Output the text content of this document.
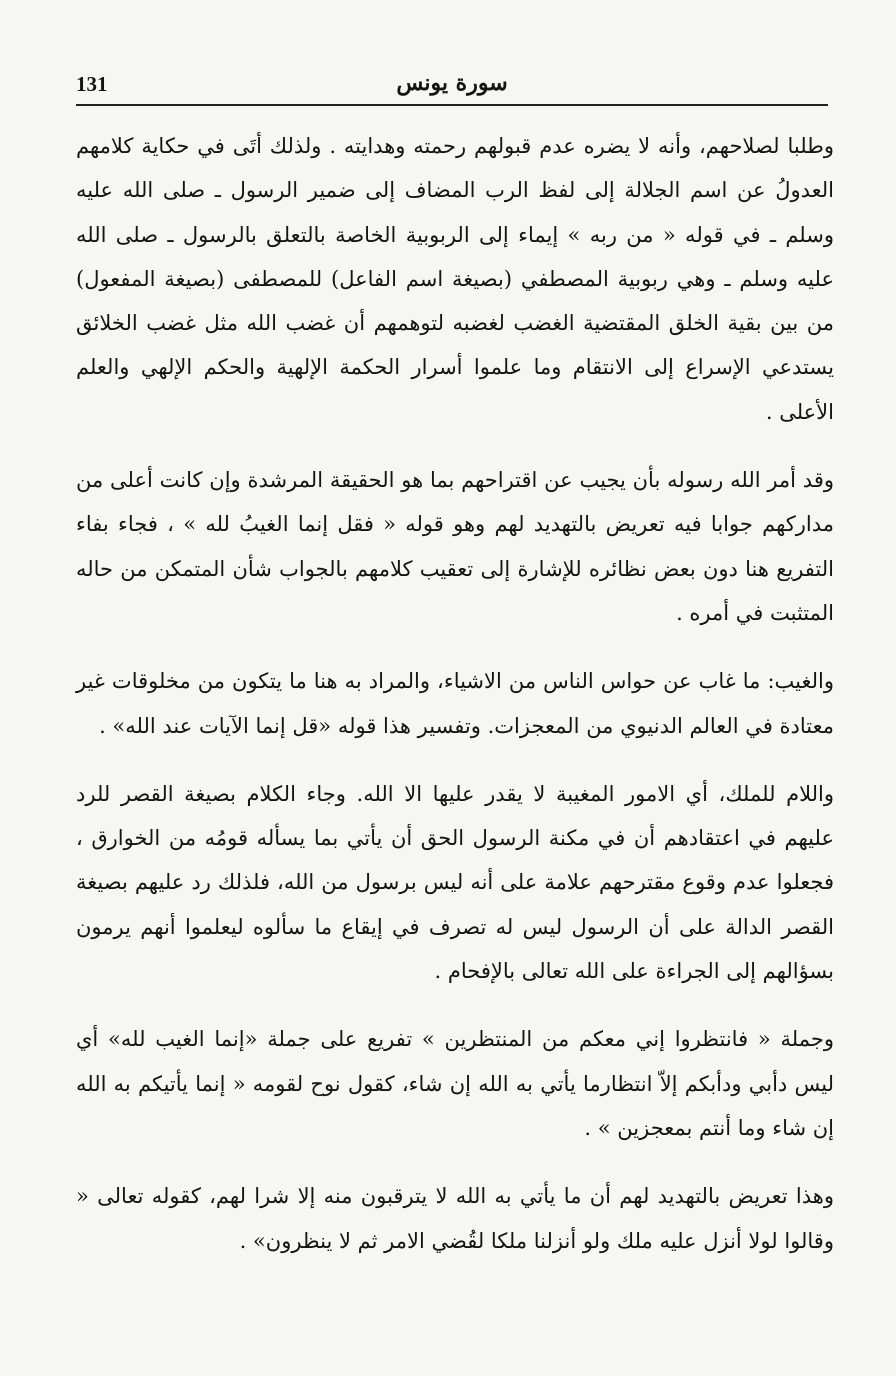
131	سورة يونس

وطلبا لصلاحهم، وأنه لا يضره عدم قبولهم رحمته وهدايته . ولذلك أتَى في حكاية كلامهم العدولُ عن اسم الجلالة إلى لفظ الرب المضاف إلى ضمير الرسول ـ صلى الله عليه وسلم ـ في قوله « من ربه » إيماء إلى الربوبية الخاصة بالتعلق بالرسول ـ صلى الله عليه وسلم ـ وهي ربوبية المصطفي (بصيغة اسم الفاعل) للمصطفى (بصيغة المفعول) من بين بقية الخلق المقتضية الغضب لغضبه لتوهمهم أن غضب الله مثل غضب الخلائق يستدعي الإسراع إلى الانتقام وما علموا أسرار الحكمة الإلهية والحكم الإلهي والعلم الأعلى .

وقد أمر الله رسوله بأن يجيب عن اقتراحهم بما هو الحقيقة المرشدة وإن كانت أعلى من مداركهم جوابا فيه تعريض بالتهديد لهم وهو قوله « فقل إنما الغيبُ لله » ، فجاء بفاء التفريع هنا دون بعض نظائره للإشارة إلى تعقيب كلامهم بالجواب شأن المتمكن من حاله المتثبت في أمره .

والغيب: ما غاب عن حواس الناس من الاشياء، والمراد به هنا ما يتكون من مخلوقات غير معتادة في العالم الدنيوي من المعجزات. وتفسير هذا قوله «قل إنما الآيات عند الله» .

واللام للملك، أي الامور المغيبة لا يقدر عليها الا الله. وجاء الكلام بصيغة القصر للرد عليهم في اعتقادهم أن في مكنة الرسول الحق أن يأتي بما يسأله قومُه من الخوارق ، فجعلوا عدم وقوع مقترحهم علامة على أنه ليس برسول من الله، فلذلك رد عليهم بصيغة القصر الدالة على أن الرسول ليس له تصرف في إيقاع ما سألوه ليعلموا أنهم يرمون بسؤالهم إلى الجراءة على الله تعالى بالإفحام .

وجملة « فانتظروا إني معكم من المنتظرين » تفريع على جملة «إنما الغيب لله» أي ليس دأبي ودأبكم إلاّ انتظارما يأتي به الله إن شاء، كقول نوح لقومه « إنما يأتيكم به الله إن شاء وما أنتم بمعجزين » .

وهذا تعريض بالتهديد لهم أن ما يأتي به الله لا يترقبون منه إلا شرا لهم، كقوله تعالى « وقالوا لولا أنزل عليه ملك ولو أنزلنا ملكا لقُضي الامر ثم لا ينظرون» .
